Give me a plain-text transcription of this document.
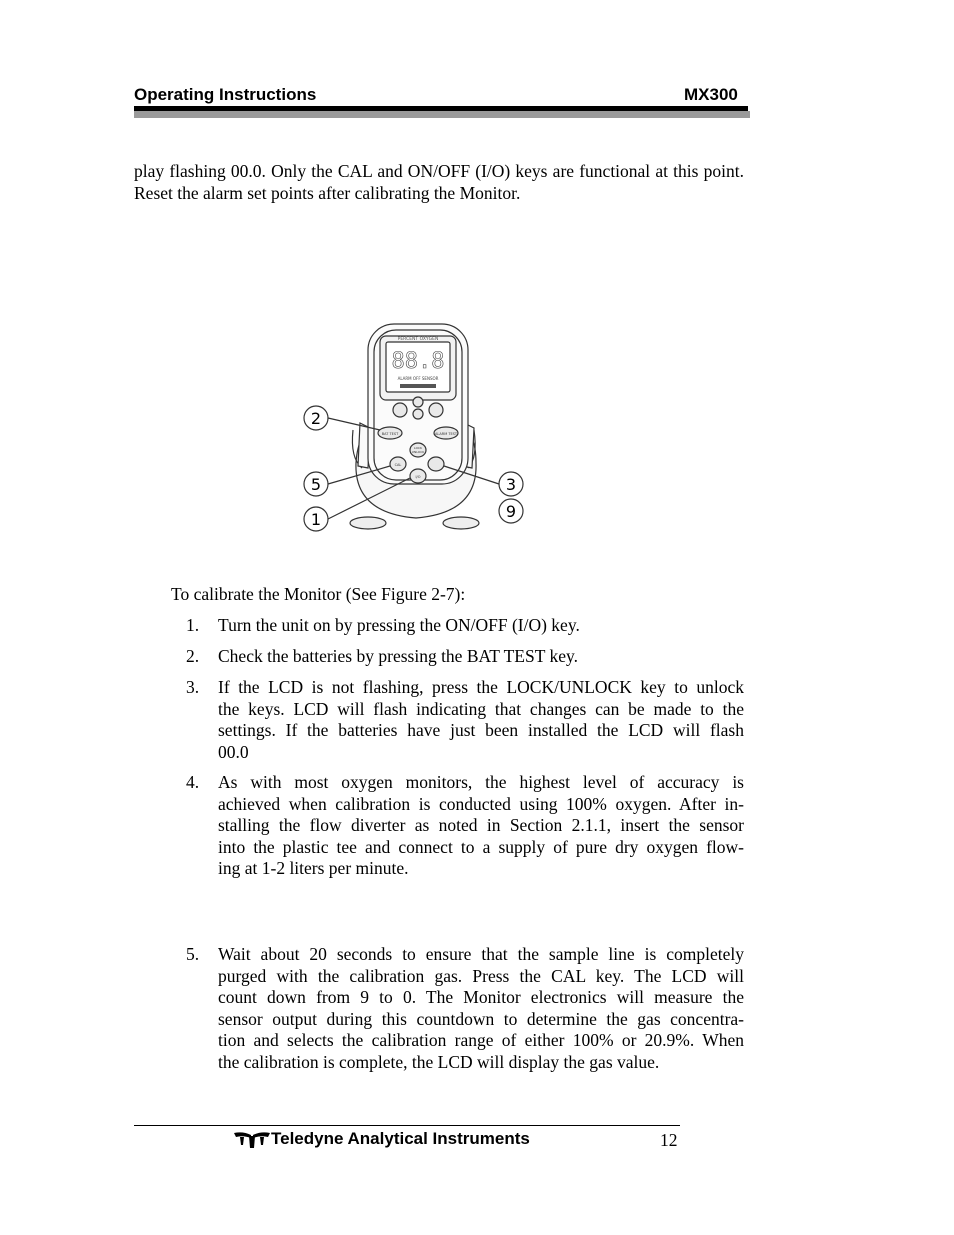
Operating Instructions	MX300
play flashing 00.0. Only the CAL and ON/OFF (I/O) keys are functional at this point. Reset the alarm set points after calibrating the Monitor.
PERCENT OXYGEN
88.8
ALARM OFF SENSOR
BAT TEST	ALARM TEST
LOCK
UNLOCK
CAL
I/O
2
5
1
3
9
To calibrate the Monitor (See Figure 2-7):
1.	Turn the unit on by pressing the ON/OFF (I/O) key.
2.	Check the batteries by pressing the BAT TEST key.
3.	If the LCD is not flashing, press the LOCK/UNLOCK key to unlock
the keys. LCD will flash indicating that changes can be made to the
settings. If the batteries have just been installed the LCD will flash
00.0
4.	As with most oxygen monitors, the highest level of accuracy is
achieved when calibration is conducted using 100% oxygen. After in-
stalling the flow diverter as noted in Section 2.1.1, insert the sensor
into the plastic tee and connect to a supply of pure dry oxygen flow-
ing at 1-2 liters per minute.
5.	Wait about 20 seconds to ensure that the sample line is completely
purged with the calibration gas. Press the CAL key. The LCD will
count down from 9 to 0. The Monitor electronics will measure the
sensor output during this countdown to determine the gas concentra-
tion and selects the calibration range of either 100% or 20.9%. When
the calibration is complete, the LCD will display the gas value.
Teledyne Analytical Instruments	12
